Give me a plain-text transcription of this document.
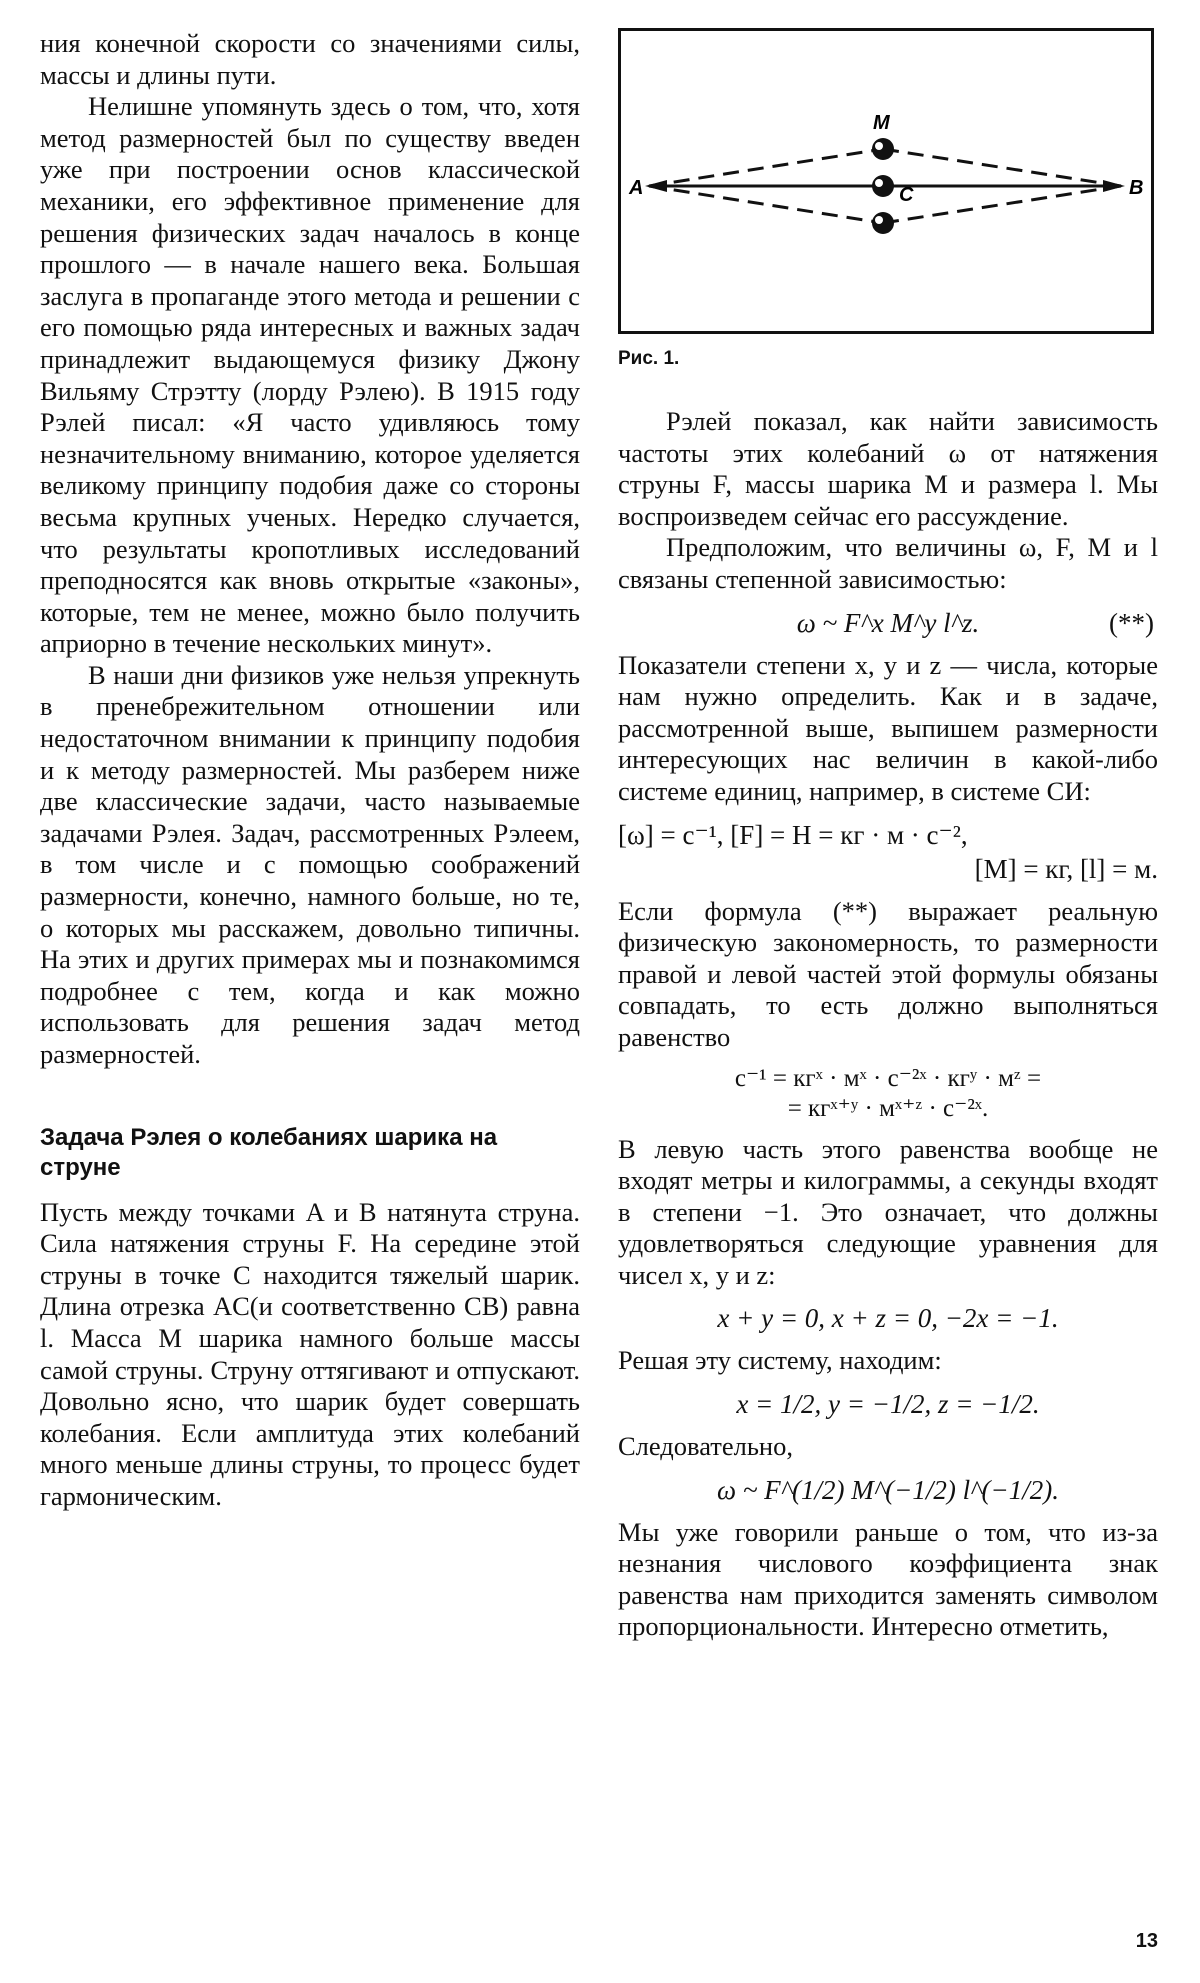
ния конечной скорости со значениями силы, массы и длины пути.

Нелишне упомянуть здесь о том, что, хотя метод размерностей был по существу введен уже при построении основ классической механики, его эффективное применение для решения физических задач началось в конце прошлого — в начале нашего века. Большая заслуга в пропаганде этого метода и решении с его помощью ряда интересных и важных задач принадлежит выдающемуся физику Джону Вильяму Стрэтту (лорду Рэлею). В 1915 году Рэлей писал: «Я часто удивляюсь тому незначительному вниманию, которое уделяется великому принципу подобия даже со стороны весьма крупных ученых. Нередко случается, что результаты кропотливых исследований преподносятся как вновь открытые «законы», которые, тем не менее, можно было получить априорно в течение нескольких минут».

В наши дни физиков уже нельзя упрекнуть в пренебрежительном отношении или недостаточном внимании к принципу подобия и к методу размерностей. Мы разберем ниже две классические задачи, часто называемые задачами Рэлея. Задач, рассмотренных Рэлеем, в том числе и с помощью соображений размерности, конечно, намного больше, но те, о которых мы расскажем, довольно типичны. На этих и других примерах мы и познакомимся подробнее с тем, когда и как можно использовать для решения задач метод размерностей.

Задача Рэлея о колебаниях шарика на струне

Пусть между точками A и B натянута струна. Сила натяжения струны F. На середине этой струны в точке C находится тяжелый шарик. Длина отрезка AC(и соответственно CB) равна l. Масса M шарика намного больше массы самой струны. Струну оттягивают и отпускают. Довольно ясно, что шарик будет совершать колебания. Если амплитуда этих колебаний много меньше длины струны, то процесс будет гармоническим.

A	B
M
C
Рис. 1.

Рэлей показал, как найти зависимость частоты этих колебаний ω от натяжения струны F, массы шарика M и размера l. Мы воспроизведем сейчас его рассуждение.

Предположим, что величины ω, F, M и l связаны степенной зависимостью:

ω ~ F^x M^y l^z.	(**)

Показатели степени x, y и z — числа, которые нам нужно определить. Как и в задаче, рассмотренной выше, выпишем размерности интересующих нас величин в какой-либо системе единиц, например, в системе СИ:

[ω] = с⁻¹, [F] = Н = кг · м · с⁻²,
[M] = кг, [l] = м.

Если формула (**) выражает реальную физическую закономерность, то размерности правой и левой частей этой формулы обязаны совпадать, то есть должно выполняться равенство

с⁻¹ = кгˣ · мˣ · с⁻²ˣ · кгʸ · мᶻ =
= кгˣ⁺ʸ · мˣ⁺ᶻ · с⁻²ˣ.

В левую часть этого равенства вообще не входят метры и килограммы, а секунды входят в степени −1. Это означает, что должны удовлетворяться следующие уравнения для чисел x, y и z:

x + y = 0, x + z = 0, −2x = −1.

Решая эту систему, находим:

x = 1/2, y = −1/2, z = −1/2.

Следовательно,

ω ~ F^(1/2) M^(−1/2) l^(−1/2).

Мы уже говорили раньше о том, что из-за незнания числового коэффициента знак равенства нам приходится заменять символом пропорциональности. Интересно отметить,

13
